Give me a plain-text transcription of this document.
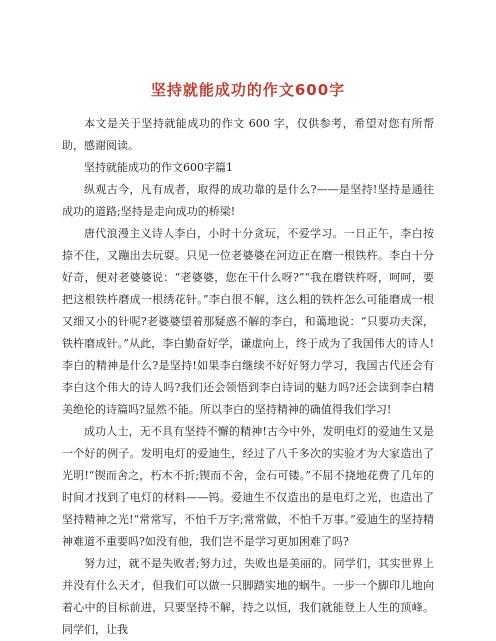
坚持就能成功的作文600字

本文是关于坚持就能成功的作文 600 字，仅供参考，希望对您有所帮助，感谢阅读。

坚持就能成功的作文600字篇1

纵观古今，凡有成者，取得的成功靠的是什么?——是坚持!坚持是通往成功的道路;坚持是走向成功的桥梁!

唐代浪漫主义诗人李白，小时十分贪玩，不爱学习。一日正午，李白按捺不住，又蹦出去玩耍。只见一位老婆婆在河边正在磨一根铁杵。李白十分好奇，便对老婆婆说：“老婆婆，您在干什么呀?”“我在磨铁杵呀，呵呵，要把这根铁杵磨成一根绣花针。”李白很不解，这么粗的铁杵怎么可能磨成一根又细又小的针呢?老婆婆望着那疑惑不解的李白，和蔼地说：“只要功夫深，铁杵磨成针。”从此，李白勤奋好学，谦虚向上，终于成为了我国伟大的诗人!李白的精神是什么?是坚持!如果李白继续不好好努力学习，我国古代还会有李白这个伟大的诗人吗?我们还会领悟到李白诗词的魅力吗?还会读到李白精美绝伦的诗篇吗?显然不能。所以李白的坚持精神的确值得我们学习!

成功人士，无不具有坚持不懈的精神!古今中外，发明电灯的爱迪生又是一个好的例子。发明电灯的爱迪生，经过了八千多次的实验才为大家造出了光明!“锲而舍之，朽木不折;锲而不舍，金石可镂。”不屈不挠地花费了几年的时间才找到了电灯的材料——钨。爱迪生不仅造出的是电灯之光，也造出了坚持精神之光!“常常写，不怕千万字;常常做，不怕千万事。”爱迪生的坚持精神难道不重要吗?如没有他，我们岂不是学习更加困难了吗?

努力过，就不是失败者;努力过，失败也是美丽的。同学们，其实世界上并没有什么天才，但我们可以做一只脚踏实地的蜗牛。一步一个脚印儿地向着心中的目标前进，只要坚持不解，持之以恒，我们就能登上人生的顶峰。同学们，让我
